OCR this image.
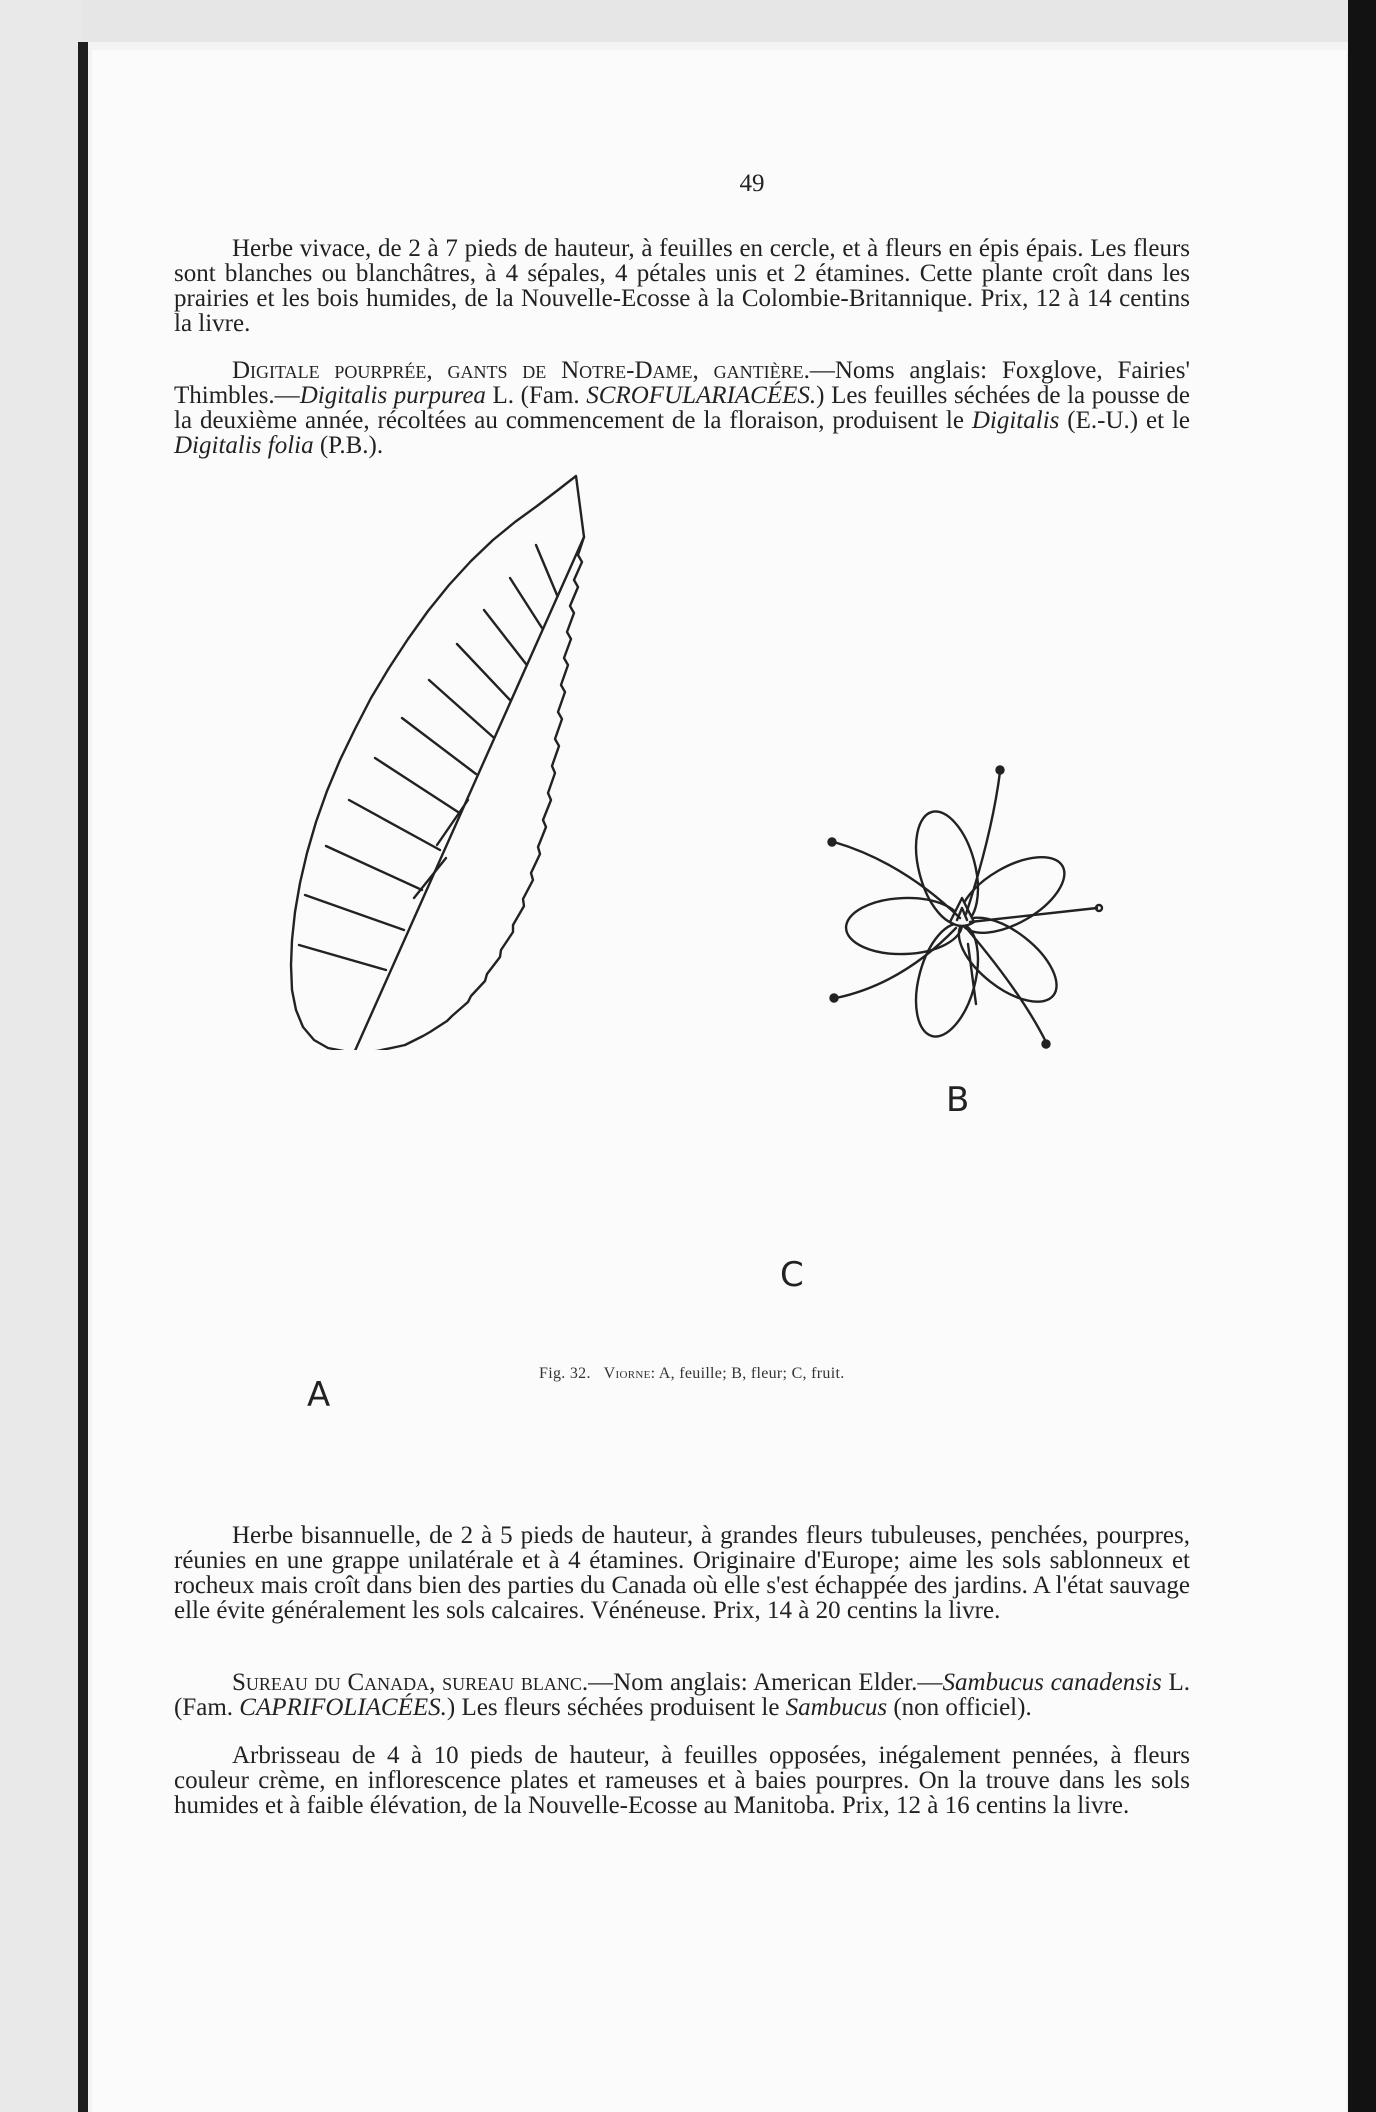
49

Herbe vivace, de 2 à 7 pieds de hauteur, à feuilles en cercle, et à fleurs en épis épais. Les fleurs sont blanches ou blanchâtres, à 4 sépales, 4 pétales unis et 2 étamines. Cette plante croît dans les prairies et les bois humides, de la Nouvelle-Ecosse à la Colombie-Britannique. Prix, 12 à 14 centins la livre.

Digitale pourprée, gants de Notre-Dame, gantière.—Noms anglais: Foxglove, Fairies' Thimbles.—Digitalis purpurea L. (Fam. SCROFULARIACÉES.) Les feuilles séchées de la pousse de la deuxième année, récoltées au commencement de la floraison, produisent le Digitalis (E.-U.) et le Digitalis folia (P.B.).

A
B
C
Fig. 32. Viorne: A, feuille; B, fleur; C, fruit.

Herbe bisannuelle, de 2 à 5 pieds de hauteur, à grandes fleurs tubuleuses, penchées, pourpres, réunies en une grappe unilatérale et à 4 étamines. Originaire d'Europe; aime les sols sablonneux et rocheux mais croît dans bien des parties du Canada où elle s'est échappée des jardins. A l'état sauvage elle évite généralement les sols calcaires. Vénéneuse. Prix, 14 à 20 centins la livre.

Sureau du Canada, sureau blanc.—Nom anglais: American Elder.—Sambucus canadensis L. (Fam. CAPRIFOLIACÉES.) Les fleurs séchées produisent le Sambucus (non officiel).

Arbrisseau de 4 à 10 pieds de hauteur, à feuilles opposées, inégalement pennées, à fleurs couleur crème, en inflorescence plates et rameuses et à baies pourpres. On la trouve dans les sols humides et à faible élévation, de la Nouvelle-Ecosse au Manitoba. Prix, 12 à 16 centins la livre.
